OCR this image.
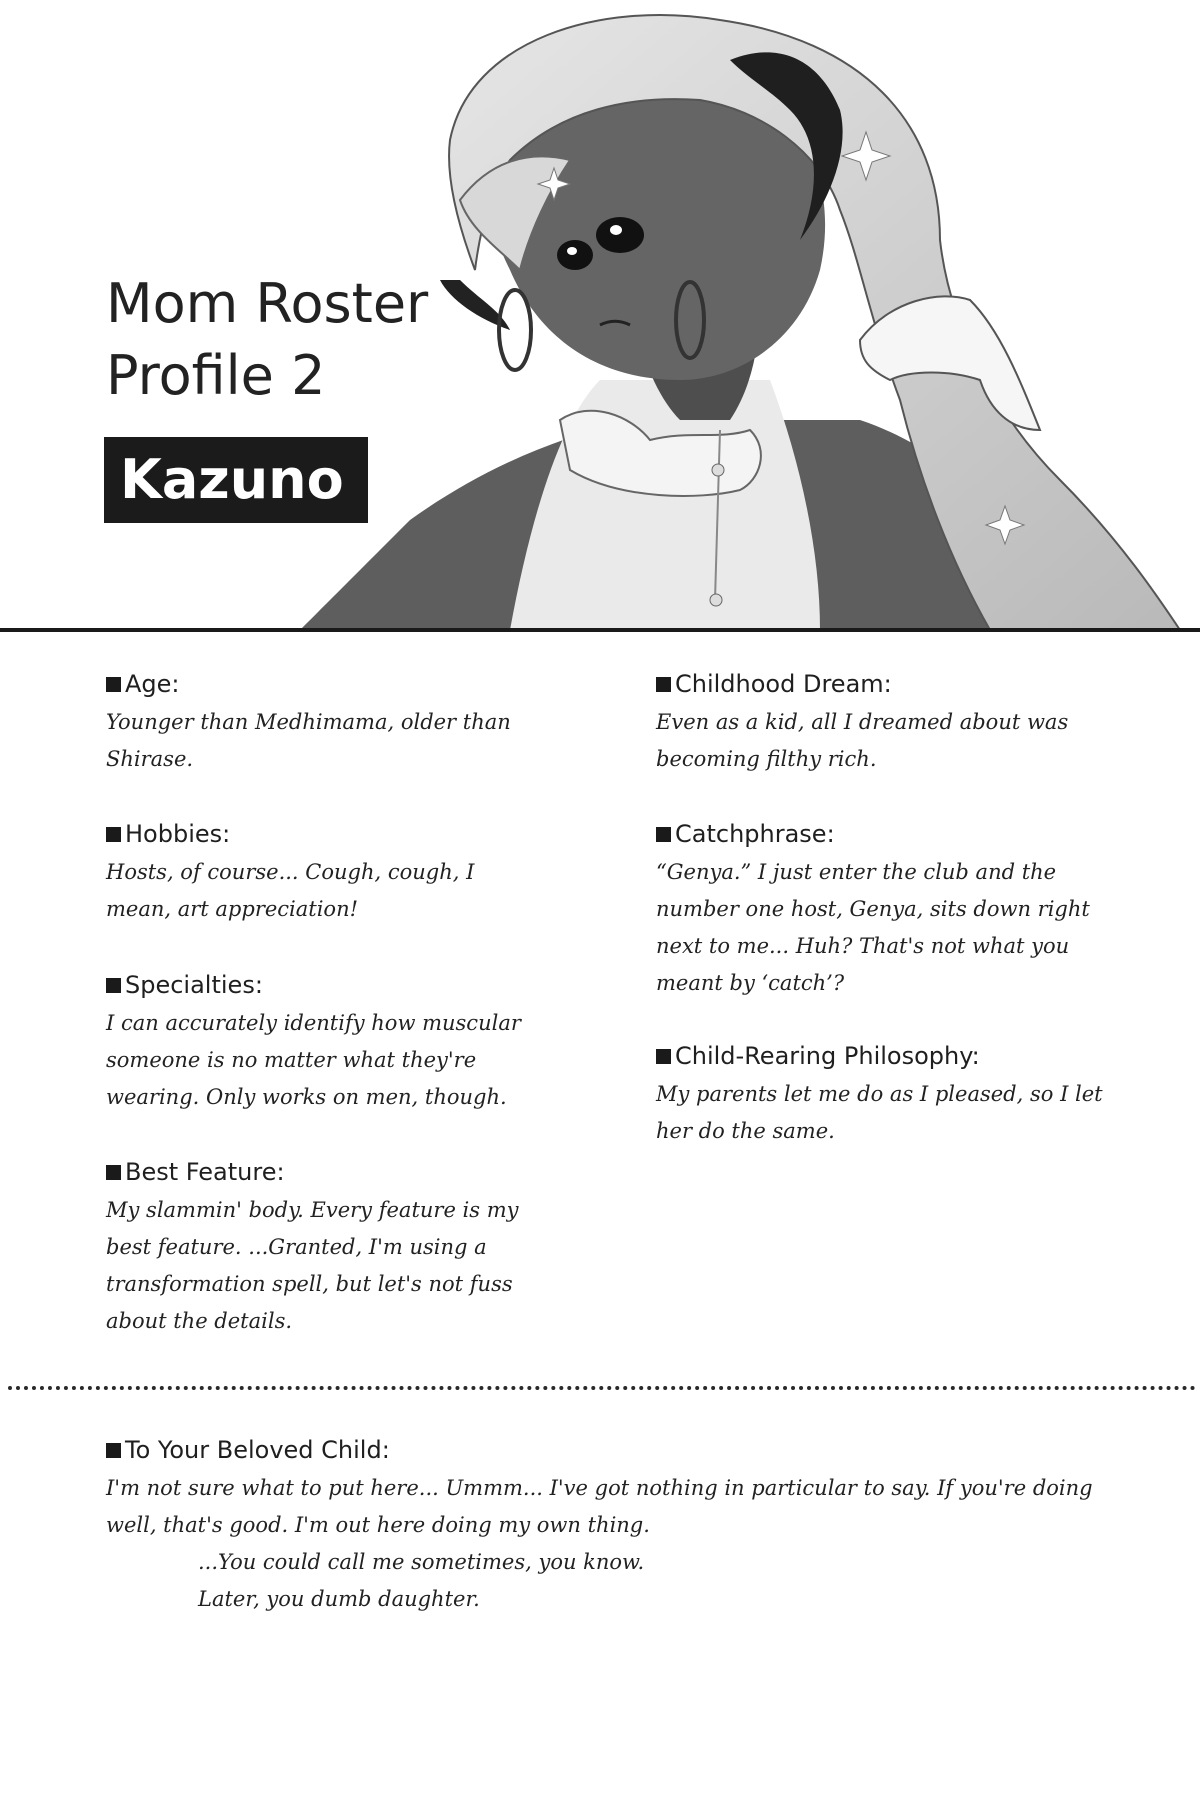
Mom Roster
Profile 2
Kazuno
Age:

Younger than Medhimama, older than Shirase.

Hobbies:

Hosts, of course... Cough, cough, I mean, art appreciation!

Specialties:

I can accurately identify how muscular someone is no matter what they're wearing. Only works on men, though.

Best Feature:

My slammin' body. Every feature is my best feature. ...Granted, I'm using a transformation spell, but let's not fuss about the details.

Childhood Dream:

Even as a kid, all I dreamed about was becoming filthy rich.

Catchphrase:

“Genya.” I just enter the club and the number one host, Genya, sits down right next to me... Huh? That's not what you meant by ‘catch’?

Child-Rearing Philosophy:

My parents let me do as I pleased, so I let her do the same.

To Your Beloved Child:

I'm not sure what to put here... Ummm... I've got nothing in particular to say. If you're doing well, that's good. I'm out here doing my own thing.
...You could call me sometimes, you know.
Later, you dumb daughter.
